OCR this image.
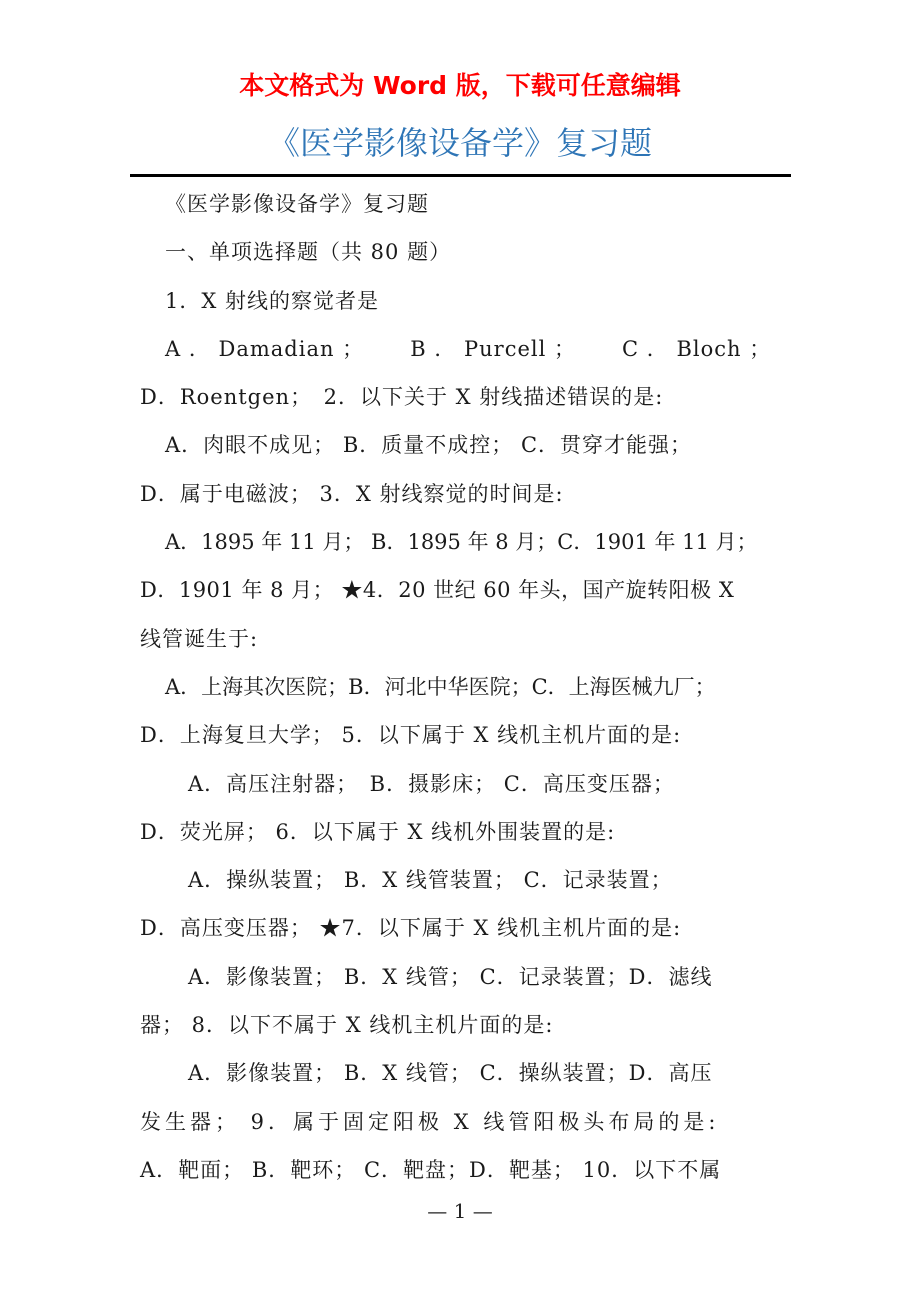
本文格式为 Word 版，下载可任意编辑
《医学影像设备学》复习题
《医学影像设备学》复习题
一、单项选择题（共 80 题）
1．X 射线的察觉者是
A ． Damadian ；      B ． Purcell ；      C ． Bloch ；
D．Roentgen；　2．以下关于 X 射线描述错误的是:
A．肉眼不成见； B．质量不成控； C．贯穿才能强；
D．属于电磁波； 3．X 射线察觉的时间是:
A．1895 年 11 月； B．1895 年 8 月；C．1901 年 11 月；
D．1901 年 8 月； ★4．20 世纪 60 年头，国产旋转阳极 X
线管诞生于:
A．上海其次医院；B．河北中华医院；C．上海医械九厂；
D．上海复旦大学； 5．以下属于 X 线机主机片面的是:
A．高压注射器；　B．摄影床； C．高压变压器；
D．荧光屏； 6．以下属于 X 线机外围装置的是:
A．操纵装置； B．X 线管装置； C．记录装置；
D．高压变压器； ★7．以下属于 X 线机主机片面的是:
A．影像装置； B．X 线管； C．记录装置；D．滤线
器； 8．以下不属于 X 线机主机片面的是:
A．影像装置； B．X 线管； C．操纵装置；D．高压
发生器； 9．属于固定阳极 X 线管阳极头布局的是:
A．靶面； B．靶环； C．靶盘；D．靶基； 10．以下不属
— 1 —
